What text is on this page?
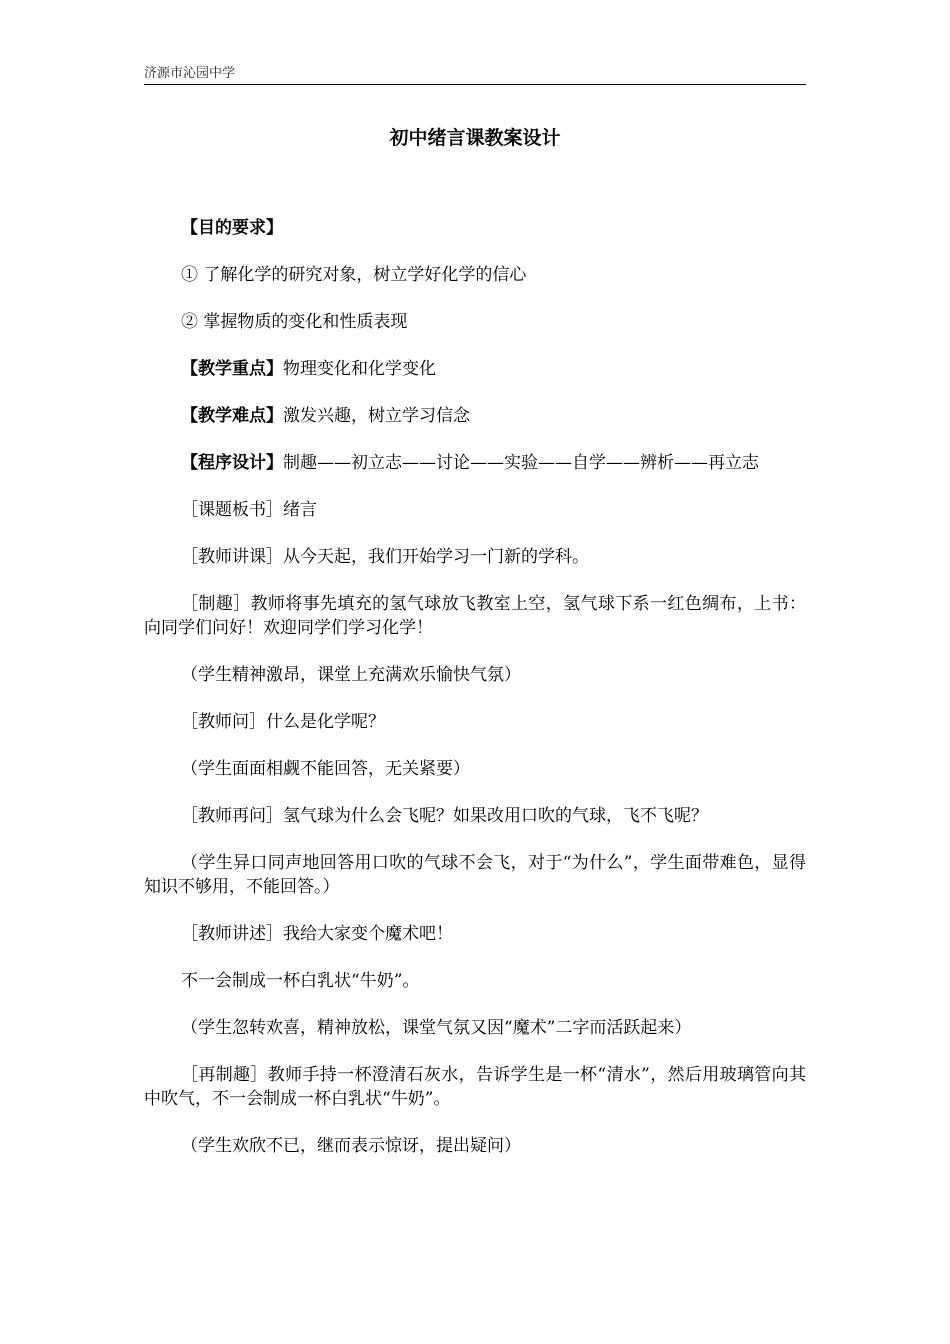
济源市沁园中学
初中绪言课教案设计

【目的要求】

① 了解化学的研究对象，树立学好化学的信心

② 掌握物质的变化和性质表现

【教学重点】物理变化和化学变化

【教学难点】激发兴趣，树立学习信念

【程序设计】制趣——初立志——讨论——实验——自学——辨析——再立志

［课题板书］绪言

［教师讲课］从今天起，我们开始学习一门新的学科。

［制趣］教师将事先填充的氢气球放飞教室上空，氢气球下系一红色绸布，上书：向同学们问好！欢迎同学们学习化学！

（学生精神激昂，课堂上充满欢乐愉快气氛）

［教师问］什么是化学呢？

（学生面面相觑不能回答，无关紧要）

［教师再问］氢气球为什么会飞呢？如果改用口吹的气球，飞不飞呢？

（学生异口同声地回答用口吹的气球不会飞，对于“为什么”，学生面带难色，显得知识不够用，不能回答。）

［教师讲述］我给大家变个魔术吧！

不一会制成一杯白乳状“牛奶”。

（学生忽转欢喜，精神放松，课堂气氛又因“魔术”二字而活跃起来）

［再制趣］教师手持一杯澄清石灰水，告诉学生是一杯“清水”，然后用玻璃管向其中吹气，不一会制成一杯白乳状“牛奶”。

（学生欢欣不已，继而表示惊讶，提出疑问）
